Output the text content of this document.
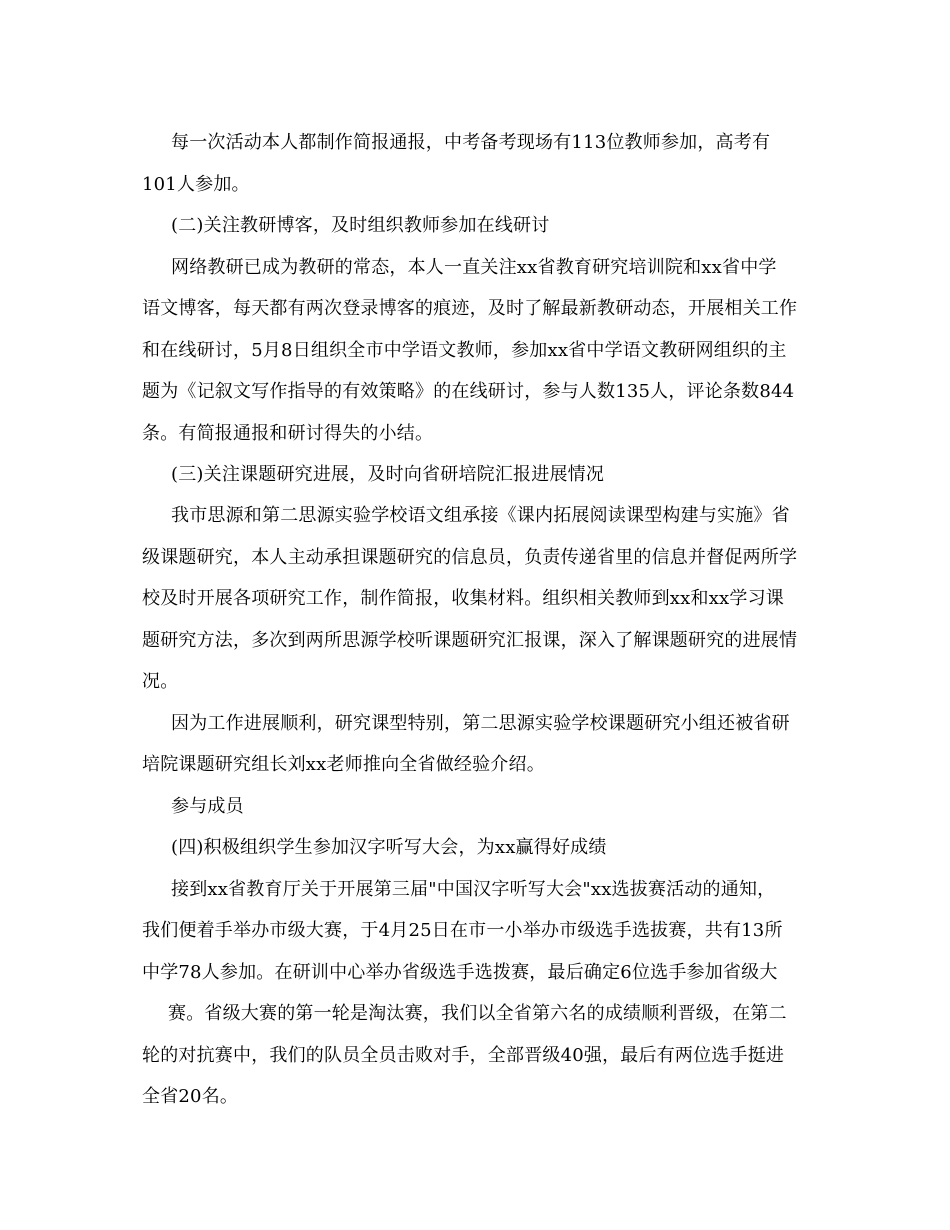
每一次活动本人都制作简报通报，中考备考现场有113位教师参加，高考有
101人参加。
(二)关注教研博客，及时组织教师参加在线研讨
网络教研已成为教研的常态，本人一直关注xx省教育研究培训院和xx省中学
语文博客，每天都有两次登录博客的痕迹，及时了解最新教研动态，开展相关工作
和在线研讨，5月8日组织全市中学语文教师，参加xx省中学语文教研网组织的主
题为《记叙文写作指导的有效策略》的在线研讨，参与人数135人，评论条数844
条。有简报通报和研讨得失的小结。
(三)关注课题研究进展，及时向省研培院汇报进展情况
我市思源和第二思源实验学校语文组承接《课内拓展阅读课型构建与实施》省
级课题研究，本人主动承担课题研究的信息员，负责传递省里的信息并督促两所学
校及时开展各项研究工作，制作简报，收集材料。组织相关教师到xx和xx学习课
题研究方法，多次到两所思源学校听课题研究汇报课，深入了解课题研究的进展情
况。
因为工作进展顺利，研究课型特别，第二思源实验学校课题研究小组还被省研
培院课题研究组长刘xx老师推向全省做经验介绍。
参与成员
(四)积极组织学生参加汉字听写大会，为xx赢得好成绩
接到xx省教育厅关于开展第三届"中国汉字听写大会"xx选拔赛活动的通知，
我们便着手举办市级大赛，于4月25日在市一小举办市级选手选拔赛，共有13所
中学78人参加。在研训中心举办省级选手选拨赛，最后确定6位选手参加省级大
赛。省级大赛的第一轮是淘汰赛，我们以全省第六名的成绩顺利晋级，在第二
轮的对抗赛中，我们的队员全员击败对手，全部晋级40强，最后有两位选手挺进
全省20名。
